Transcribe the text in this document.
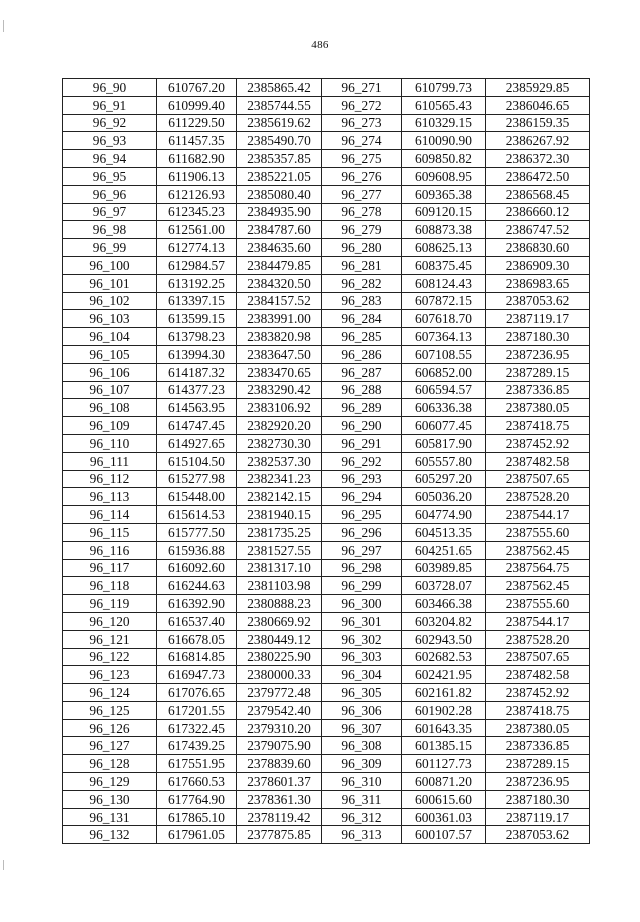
486
96_90	610767.20	2385865.42	96_271	610799.73	2385929.85
96_91	610999.40	2385744.55	96_272	610565.43	2386046.65
96_92	611229.50	2385619.62	96_273	610329.15	2386159.35
96_93	611457.35	2385490.70	96_274	610090.90	2386267.92
96_94	611682.90	2385357.85	96_275	609850.82	2386372.30
96_95	611906.13	2385221.05	96_276	609608.95	2386472.50
96_96	612126.93	2385080.40	96_277	609365.38	2386568.45
96_97	612345.23	2384935.90	96_278	609120.15	2386660.12
96_98	612561.00	2384787.60	96_279	608873.38	2386747.52
96_99	612774.13	2384635.60	96_280	608625.13	2386830.60
96_100	612984.57	2384479.85	96_281	608375.45	2386909.30
96_101	613192.25	2384320.50	96_282	608124.43	2386983.65
96_102	613397.15	2384157.52	96_283	607872.15	2387053.62
96_103	613599.15	2383991.00	96_284	607618.70	2387119.17
96_104	613798.23	2383820.98	96_285	607364.13	2387180.30
96_105	613994.30	2383647.50	96_286	607108.55	2387236.95
96_106	614187.32	2383470.65	96_287	606852.00	2387289.15
96_107	614377.23	2383290.42	96_288	606594.57	2387336.85
96_108	614563.95	2383106.92	96_289	606336.38	2387380.05
96_109	614747.45	2382920.20	96_290	606077.45	2387418.75
96_110	614927.65	2382730.30	96_291	605817.90	2387452.92
96_111	615104.50	2382537.30	96_292	605557.80	2387482.58
96_112	615277.98	2382341.23	96_293	605297.20	2387507.65
96_113	615448.00	2382142.15	96_294	605036.20	2387528.20
96_114	615614.53	2381940.15	96_295	604774.90	2387544.17
96_115	615777.50	2381735.25	96_296	604513.35	2387555.60
96_116	615936.88	2381527.55	96_297	604251.65	2387562.45
96_117	616092.60	2381317.10	96_298	603989.85	2387564.75
96_118	616244.63	2381103.98	96_299	603728.07	2387562.45
96_119	616392.90	2380888.23	96_300	603466.38	2387555.60
96_120	616537.40	2380669.92	96_301	603204.82	2387544.17
96_121	616678.05	2380449.12	96_302	602943.50	2387528.20
96_122	616814.85	2380225.90	96_303	602682.53	2387507.65
96_123	616947.73	2380000.33	96_304	602421.95	2387482.58
96_124	617076.65	2379772.48	96_305	602161.82	2387452.92
96_125	617201.55	2379542.40	96_306	601902.28	2387418.75
96_126	617322.45	2379310.20	96_307	601643.35	2387380.05
96_127	617439.25	2379075.90	96_308	601385.15	2387336.85
96_128	617551.95	2378839.60	96_309	601127.73	2387289.15
96_129	617660.53	2378601.37	96_310	600871.20	2387236.95
96_130	617764.90	2378361.30	96_311	600615.60	2387180.30
96_131	617865.10	2378119.42	96_312	600361.03	2387119.17
96_132	617961.05	2377875.85	96_313	600107.57	2387053.62
